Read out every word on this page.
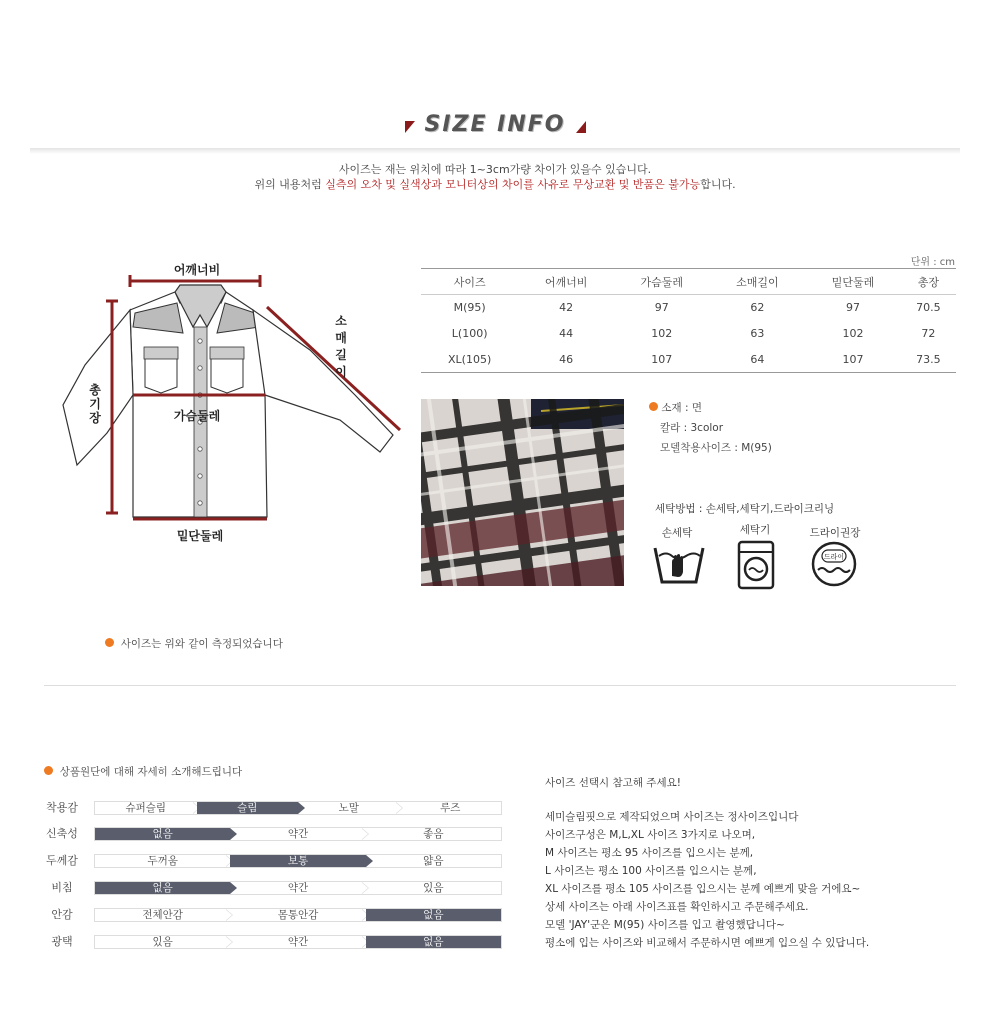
SIZE INFO
사이즈는 재는 위치에 따라 1~3cm가량 차이가 있을수 있습니다.
위의 내용처럼 실측의 오차 및 실색상과 모니터상의 차이를 사유로 무상교환 및 반품은 불가능합니다.
어깨너비
가슴둘레
밑단둘레
소
매
길
이
총
기
장
단위 : cm
사이즈	어깨너비	가슴둘레	소매길이	밑단둘레	총장
M(95)	42	97	62	97	70.5
L(100)	44	102	63	102	72
XL(105)	46	107	64	107	73.5
소재 : 면
칼라 : 3color
모델착용사이즈 : M(95)
세탁방법 : 손세탁,세탁기,드라이크리닝
손세탁	세탁기	드라이권장
드라이
사이즈는 위와 같이 측정되었습니다
상품원단에 대해 자세히 소개해드립니다
착용감	슈퍼슬림	슬림	노말	루즈
신축성	없음	약간	좋음
두께감	두꺼움	보통	얇음
비침	없음	약간	있음
안감	전체안감	몸통안감	없음
광택	있음	약간	없음
사이즈 선택시 참고해 주세요!
세미슬림핏으로 제작되었으며 사이즈는 정사이즈입니다
사이즈구성은 M,L,XL 사이즈 3가지로 나오며,
M 사이즈는 평소 95 사이즈를 입으시는 분께,
L 사이즈는 평소 100 사이즈를 입으시는 분께,
XL 사이즈를 평소 105 사이즈를 입으시는 분께 예쁘게 맞을 거에요~
상세 사이즈는 아래 사이즈표를 확인하시고 주문해주세요.
모델 'JAY'군은 M(95) 사이즈를 입고 촬영했답니다~
평소에 입는 사이즈와 비교해서 주문하시면 예쁘게 입으실 수 있답니다.
